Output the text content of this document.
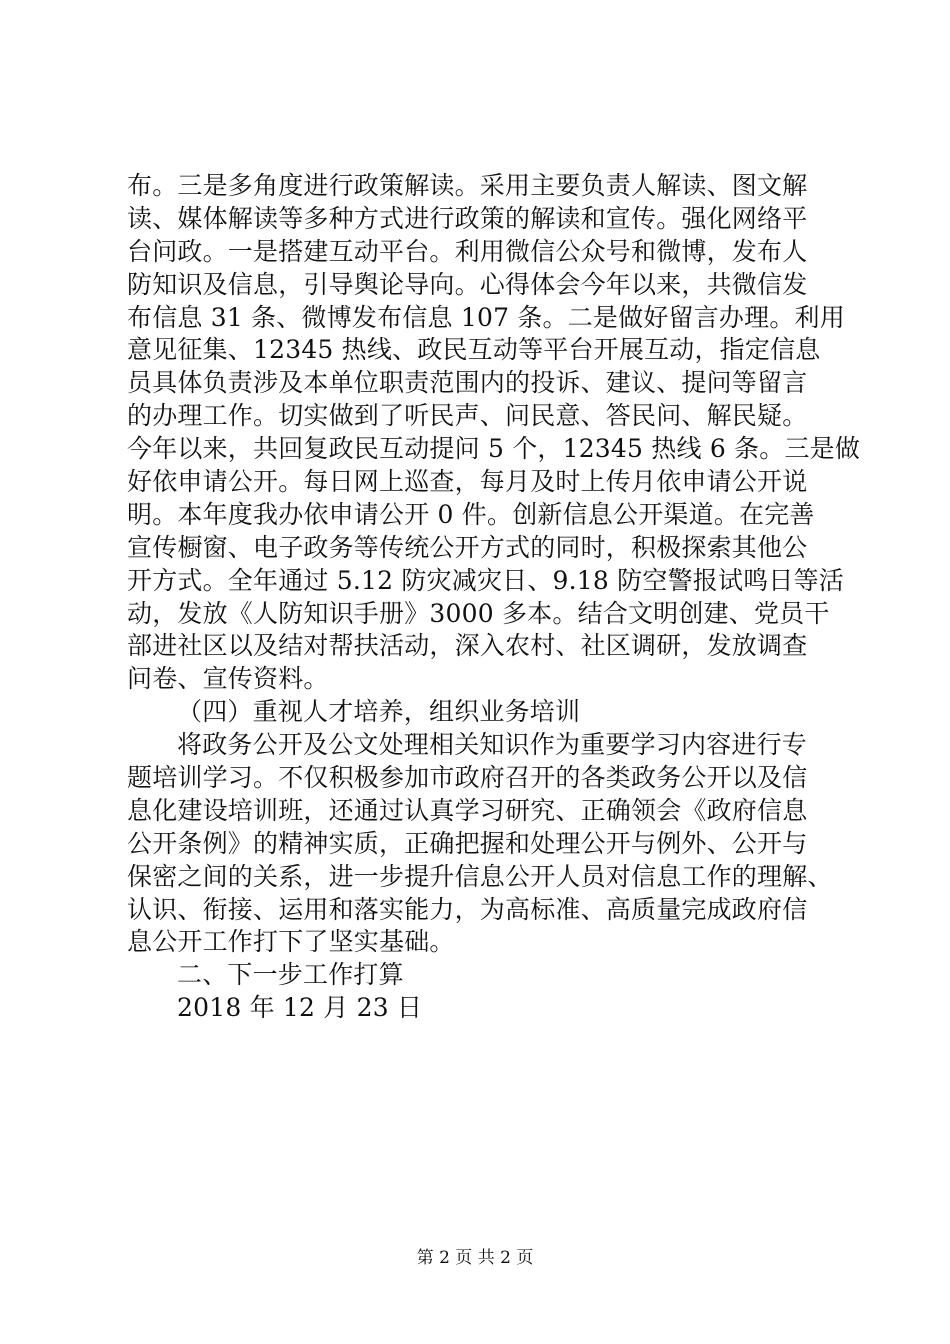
布。三是多角度进行政策解读。采用主要负责人解读、图文解
读、媒体解读等多种方式进行政策的解读和宣传。强化网络平
台问政。一是搭建互动平台。利用微信公众号和微博，发布人
防知识及信息，引导舆论导向。心得体会今年以来，共微信发
布信息 31 条、微博发布信息 107 条。二是做好留言办理。利用
意见征集、12345 热线、政民互动等平台开展互动，指定信息
员具体负责涉及本单位职责范围内的投诉、建议、提问等留言
的办理工作。切实做到了听民声、问民意、答民问、解民疑。
今年以来，共回复政民互动提问 5 个，12345 热线 6 条。三是做
好依申请公开。每日网上巡查，每月及时上传月依申请公开说
明。本年度我办依申请公开 0 件。创新信息公开渠道。在完善
宣传橱窗、电子政务等传统公开方式的同时，积极探索其他公
开方式。全年通过 5.12 防灾减灾日、9.18 防空警报试鸣日等活
动，发放《人防知识手册》3000 多本。结合文明创建、党员干
部进社区以及结对帮扶活动，深入农村、社区调研，发放调查
问卷、宣传资料。
（四）重视人才培养，组织业务培训
将政务公开及公文处理相关知识作为重要学习内容进行专
题培训学习。不仅积极参加市政府召开的各类政务公开以及信
息化建设培训班，还通过认真学习研究、正确领会《政府信息
公开条例》的精神实质，正确把握和处理公开与例外、公开与
保密之间的关系，进一步提升信息公开人员对信息工作的理解、
认识、衔接、运用和落实能力，为高标准、高质量完成政府信
息公开工作打下了坚实基础。
二、下一步工作打算
2018 年 12 月 23 日
第 2 页 共 2 页
